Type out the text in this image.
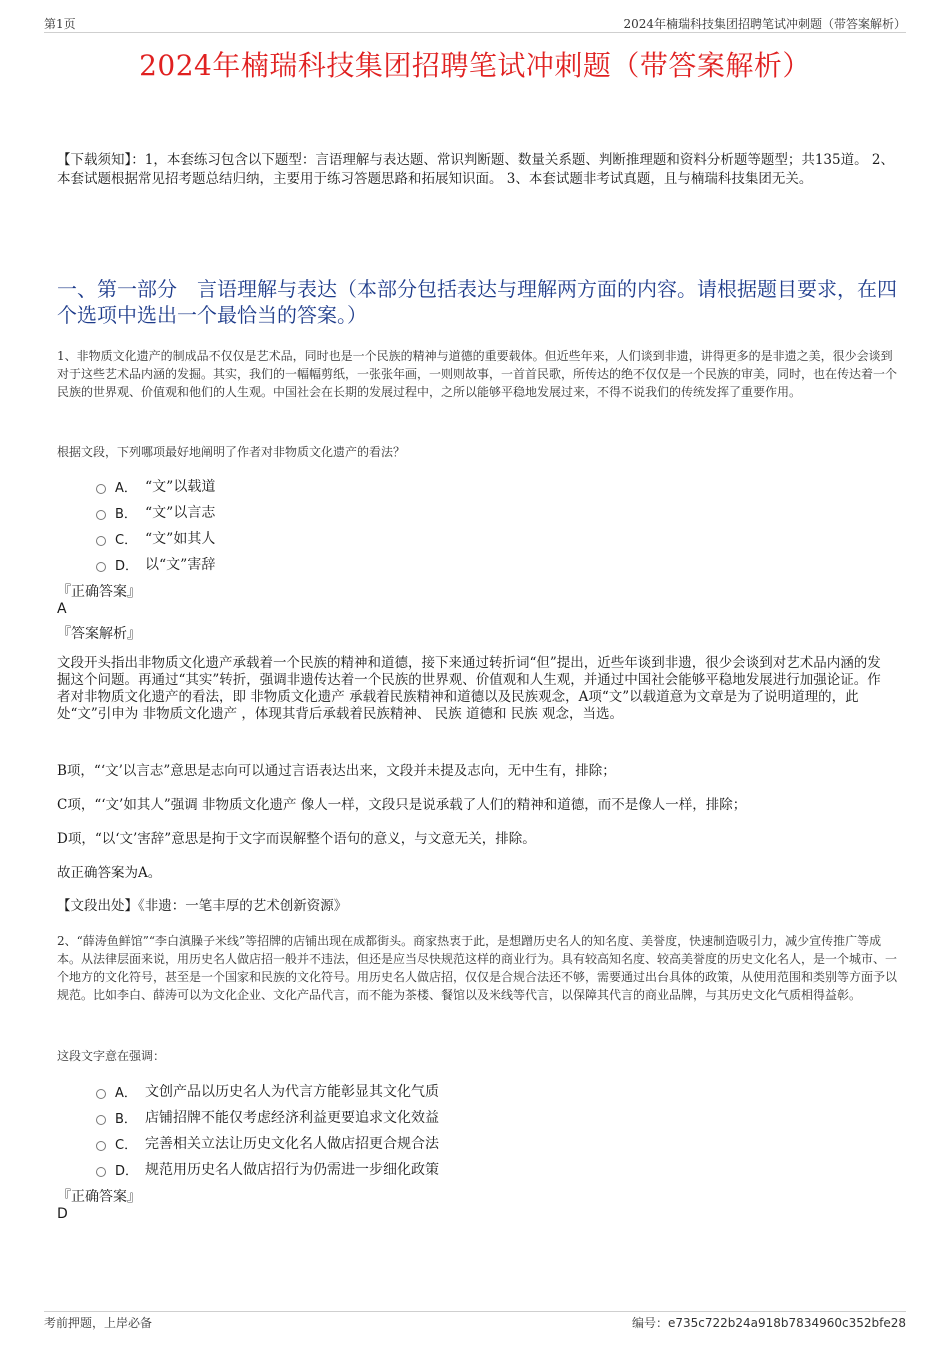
第1页	2024年楠瑞科技集团招聘笔试冲刺题（带答案解析）
2024年楠瑞科技集团招聘笔试冲刺题（带答案解析）
【下载须知】：1，本套练习包含以下题型：言语理解与表达题、常识判断题、数量关系题、判断推理题和资料分析题等题型；共135道。 2、本套试题根据常见招考题总结归纳，主要用于练习答题思路和拓展知识面。 3、本套试题非考试真题，且与楠瑞科技集团无关。
一、第一部分　言语理解与表达（本部分包括表达与理解两方面的内容。请根据题目要求，在四个选项中选出一个最恰当的答案。）
1、非物质文化遗产的制成品不仅仅是艺术品，同时也是一个民族的精神与道德的重要载体。但近些年来，人们谈到非遗，讲得更多的是非遗之美，很少会谈到对于这些艺术品内涵的发掘。其实，我们的一幅幅剪纸，一张张年画，一则则故事，一首首民歌，所传达的绝不仅仅是一个民族的审美，同时，也在传达着一个民族的世界观、价值观和他们的人生观。中国社会在长期的发展过程中，之所以能够平稳地发展过来，不得不说我们的传统发挥了重要作用。
根据文段，下列哪项最好地阐明了作者对非物质文化遗产的看法？
A． “文”以载道
B． “文”以言志
C． “文”如其人
D． 以“文”害辞
『正确答案』
A
『答案解析』
文段开头指出非物质文化遗产承载着一个民族的精神和道德，接下来通过转折词“但”提出，近些年谈到非遗，很少会谈到对艺术品内涵的发掘这个问题。再通过“其实”转折，强调非遗传达着一个民族的世界观、价值观和人生观，并通过中国社会能够平稳地发展进行加强论证。作者对非物质文化遗产的看法，即 非物质文化遗产 承载着民族精神和道德以及民族观念，A项“文”以载道意为文章是为了说明道理的，此处“文”引申为 非物质文化遗产 ，体现其背后承载着民族精神、 民族 道德和 民族 观念，当选。
B项，“‘文’以言志”意思是志向可以通过言语表达出来，文段并未提及志向，无中生有，排除；
C项，“‘文’如其人”强调 非物质文化遗产 像人一样，文段只是说承载了人们的精神和道德，而不是像人一样，排除；
D项，“以‘文’害辞”意思是拘于文字而误解整个语句的意义，与文意无关，排除。
故正确答案为A。
【文段出处】《非遗：一笔丰厚的艺术创新资源》
2、“薛涛鱼鲜馆”“李白滇臊子米线”等招牌的店铺出现在成都街头。商家热衷于此，是想蹭历史名人的知名度、美誉度，快速制造吸引力，减少宣传推广等成本。从法律层面来说，用历史名人做店招一般并不违法，但还是应当尽快规范这样的商业行为。具有较高知名度、较高美誉度的历史文化名人，是一个城市、一个地方的文化符号，甚至是一个国家和民族的文化符号。用历史名人做店招，仅仅是合规合法还不够，需要通过出台具体的政策，从使用范围和类别等方面予以规范。比如李白、薛涛可以为文化企业、文化产品代言，而不能为茶楼、餐馆以及米线等代言，以保障其代言的商业品牌，与其历史文化气质相得益彰。
这段文字意在强调：
A． 文创产品以历史名人为代言方能彰显其文化气质
B． 店铺招牌不能仅考虑经济利益更要追求文化效益
C． 完善相关立法让历史文化名人做店招更合规合法
D． 规范用历史名人做店招行为仍需进一步细化政策
『正确答案』
D
考前押题，上岸必备	编号：e735c722b24a918b7834960c352bfe28
